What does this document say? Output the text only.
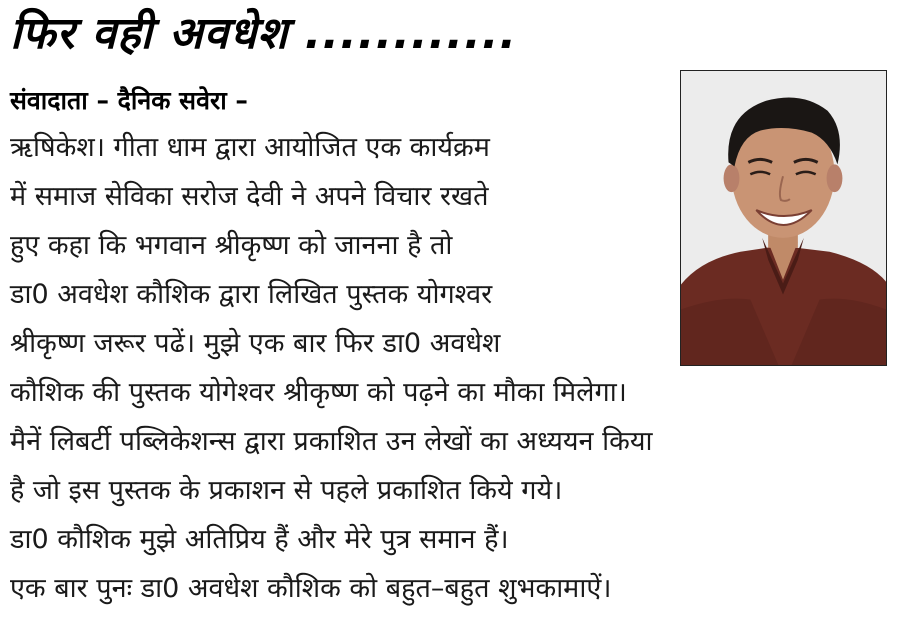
फिर वही अवधेश ............
संवादाता – दैनिक सवेरा –
ऋषिकेश। गीता धाम द्वारा आयोजित एक कार्यक्रम
में समाज सेविका सरोज देवी ने अपने विचार रखते
हुए कहा कि भगवान श्रीकृष्ण को जानना है तो
डा0 अवधेश कौशिक द्वारा लिखित पुस्तक योगश्वर
श्रीकृष्ण जरूर पढें। मुझे एक बार फिर डा0 अवधेश
कौशिक की पुस्तक योगेश्वर श्रीकृष्ण को पढ़ने का मौका मिलेगा।
मैनें लिबर्टी पब्लिकेशन्स द्वारा प्रकाशित उन लेखों का अध्ययन किया
है जो इस पुस्तक के प्रकाशन से पहले प्रकाशित किये गये।
डा0 कौशिक मुझे अतिप्रिय हैं और मेरे पुत्र समान हैं।
एक बार पुनः डा0 अवधेश कौशिक को बहुत–बहुत शुभकामाऐं।
